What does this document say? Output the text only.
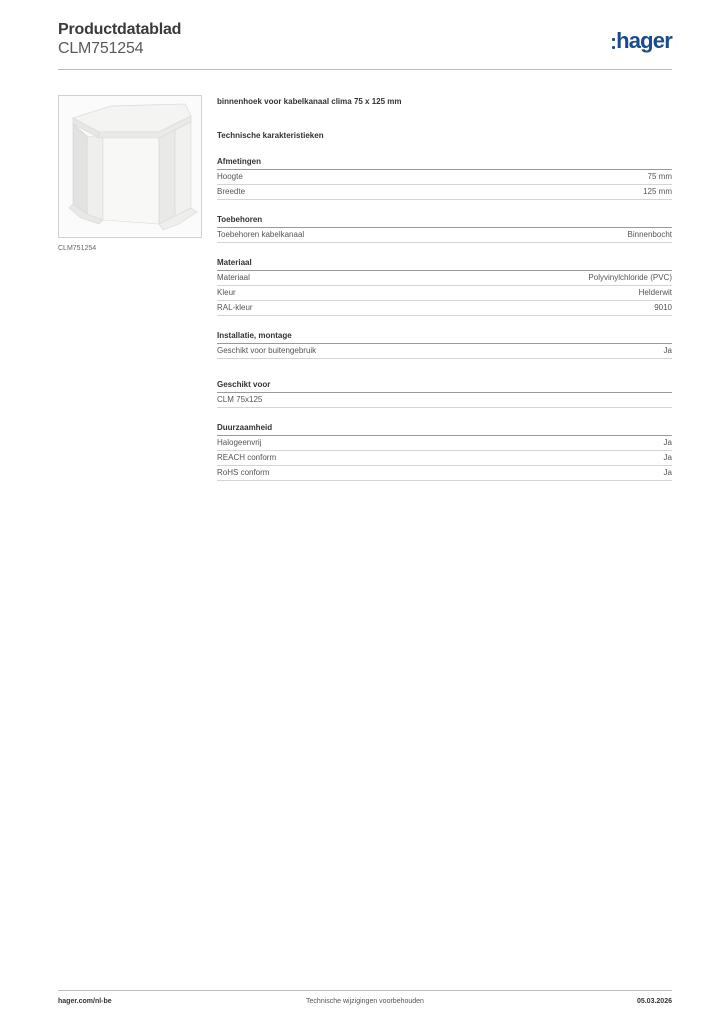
Productdatablad
CLM751254	hager
CLM751254
binnenhoek voor kabelkanaal clima 75 x 125 mm
Technische karakteristieken
Afmetingen
Hoogte	75 mm
Breedte	125 mm
Toebehoren
Toebehoren kabelkanaal	Binnenbocht
Materiaal
Materiaal	Polyvinylchloride (PVC)
Kleur	Helderwit
RAL-kleur	9010
Installatie, montage
Geschikt voor buitengebruik	Ja
Geschikt voor
CLM 75x125
Duurzaamheid
Halogeenvrij	Ja
REACH conform	Ja
RoHS conform	Ja
hager.com/nl-be	Technische wijzigingen voorbehouden	05.03.2026
